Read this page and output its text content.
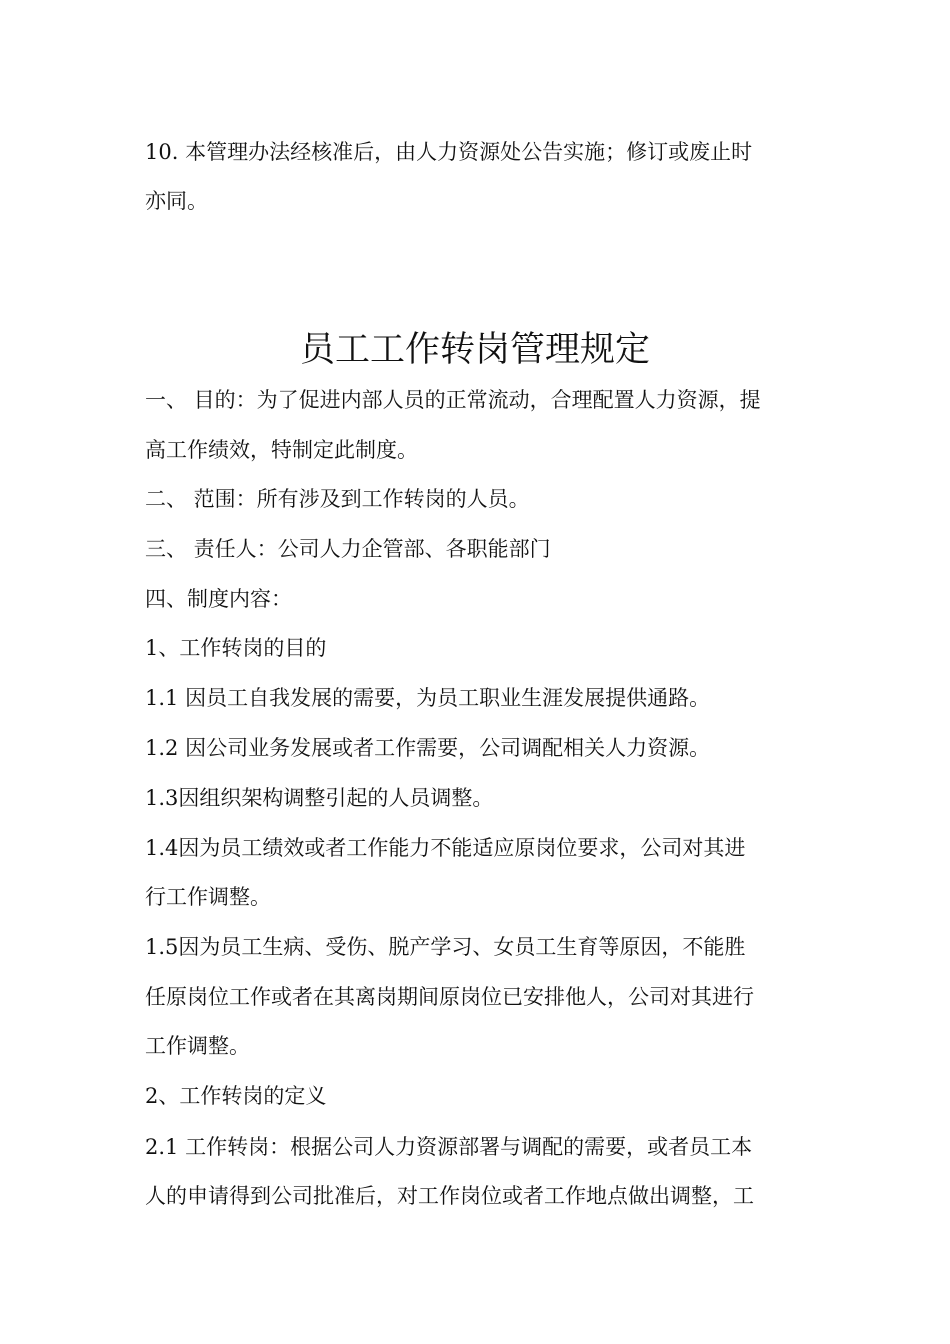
10. 本管理办法经核准后，由人力资源处公告实施；修订或废止时
亦同。
员工工作转岗管理规定
一、 目的：为了促进内部人员的正常流动，合理配置人力资源，提
高工作绩效，特制定此制度。
二、 范围：所有涉及到工作转岗的人员。
三、 责任人：公司人力企管部、各职能部门
四、制度内容：
1、工作转岗的目的
1.1 因员工自我发展的需要，为员工职业生涯发展提供通路。
1.2 因公司业务发展或者工作需要，公司调配相关人力资源。
1.3因组织架构调整引起的人员调整。
1.4因为员工绩效或者工作能力不能适应原岗位要求，公司对其进
行工作调整。
1.5因为员工生病、受伤、脱产学习、女员工生育等原因，不能胜
任原岗位工作或者在其离岗期间原岗位已安排他人，公司对其进行
工作调整。
2、工作转岗的定义
2.1 工作转岗：根据公司人力资源部署与调配的需要，或者员工本
人的申请得到公司批准后，对工作岗位或者工作地点做出调整，工
